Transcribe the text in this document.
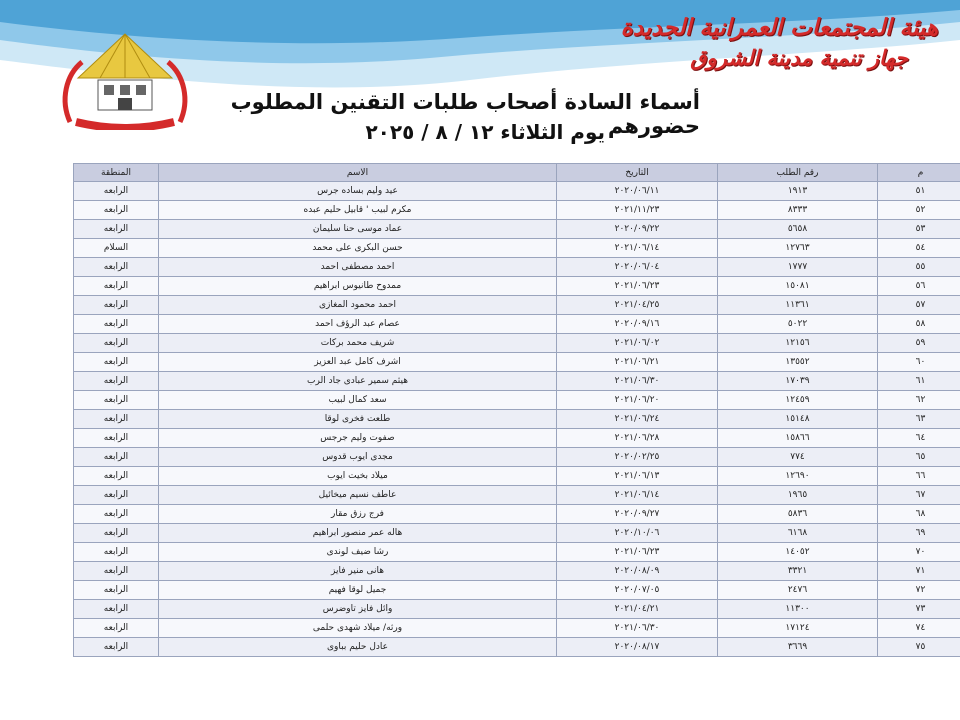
هيئة المجتمعات العمرانية الجديدة
جهاز تنمية مدينة الشروق
أسماء السادة أصحاب طلبات التقنين المطلوب حضورهم
يوم الثلاثاء ١٢ / ٨ / ٢٠٢٥
م	رقم الطلب	التاريخ	الاسم	المنطقة
٥١	١٩١٣	٢٠٢٠/٠٦/١١	عيد وليم بساده جرس	الرابعه
٥٢	٨٣٣٣	٢٠٢١/١١/٢٣	مكرم لبيب ' قابيل حليم عبده	الرابعه
٥٣	٥٦٥٨	٢٠٢٠/٠٩/٢٢	عماد موسى حنا سليمان	الرابعه
٥٤	١٢٧٦٣	٢٠٢١/٠٦/١٤	حسن البكرى على محمد	السلام
٥٥	١٧٧٧	٢٠٢٠/٠٦/٠٤	احمد مصطفى احمد	الرابعه
٥٦	١٥٠٨١	٢٠٢١/٠٦/٢٣	ممدوح طانيوس ابراهيم	الرابعه
٥٧	١١٣٦١	٢٠٢١/٠٤/٢٥	احمد محمود المغازى	الرابعه
٥٨	٥٠٢٢	٢٠٢٠/٠٩/١٦	عصام عبد الرؤف احمد	الرابعه
٥٩	١٢١٥٦	٢٠٢١/٠٦/٠٢	شريف محمد بركات	الرابعه
٦٠	١٣٥٥٢	٢٠٢١/٠٦/٢١	اشرف كامل عبد العزيز	الرابعه
٦١	١٧٠٣٩	٢٠٢١/٠٦/٣٠	هيثم سمير عبادى جاد الرب	الرابعه
٦٢	١٢٤٥٩	٢٠٢١/٠٦/٢٠	سعد كمال لبيب	الرابعه
٦٣	١٥١٤٨	٢٠٢١/٠٦/٢٤	طلعت فخرى لوقا	الرابعه
٦٤	١٥٨٦٦	٢٠٢١/٠٦/٢٨	صفوت وليم جرجس	الرابعه
٦٥	٧٧٤	٢٠٢٠/٠٢/٢٥	مجدى ايوب قدوس	الرابعه
٦٦	١٢٦٩٠	٢٠٢١/٠٦/١٣	ميلاد بخيت ايوب	الرابعه
٦٧	١٩٦٥	٢٠٢١/٠٦/١٤	عاطف نسيم ميخائيل	الرابعه
٦٨	٥٨٣٦	٢٠٢٠/٠٩/٢٧	فرج رزق مقار	الرابعه
٦٩	٦١٦٨	٢٠٢٠/١٠/٠٦	هاله عمر منصور ابراهيم	الرابعه
٧٠	١٤٠٥٢	٢٠٢١/٠٦/٢٣	رشا ضيف لوندى	الرابعه
٧١	٣٣٢١	٢٠٢٠/٠٨/٠٩	هانى منير فايز	الرابعه
٧٢	٢٤٧٦	٢٠٢٠/٠٧/٠٥	جميل لوقا فهيم	الرابعه
٧٣	١١٣٠٠	٢٠٢١/٠٤/٢١	وائل فايز تاوضرس	الرابعه
٧٤	١٧١٢٤	٢٠٢١/٠٦/٣٠	ورثه/ ميلاد شهدى حلمى	الرابعه
٧٥	٣٦٦٩	٢٠٢٠/٠٨/١٧	عادل حليم بباوى	الرابعه
